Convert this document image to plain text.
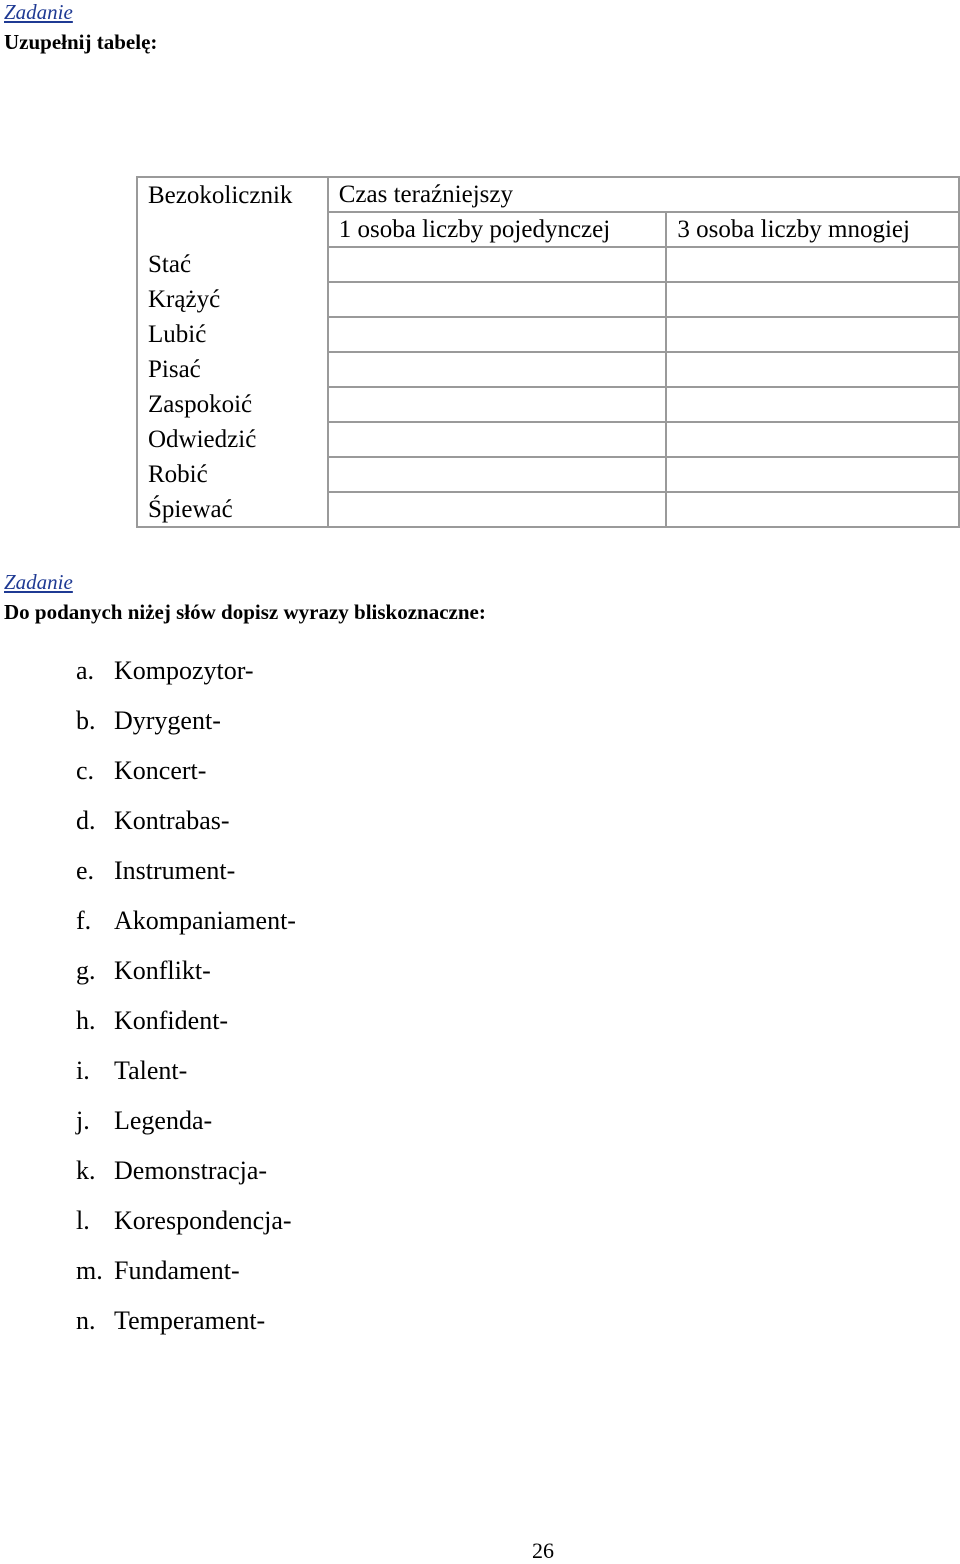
Zadanie
Uzupełnij tabelę:
Bezokolicznik	Czas teraźniejszy	
	1 osoba liczby pojedynczej	3 osoba liczby mnogiej
Stać		
Krążyć		
Lubić		
Pisać		
Zaspokoić		
Odwiedzić		
Robić		
Śpiewać		
Zadanie
Do podanych niżej słów dopisz wyrazy bliskoznaczne:
a. Kompozytor-
b. Dyrygent-
c. Koncert-
d. Kontrabas-
e. Instrument-
f. Akompaniament-
g. Konflikt-
h. Konfident-
i. Talent-
j. Legenda-
k. Demonstracja-
l. Korespondencja-
m. Fundament-
n. Temperament-
26
